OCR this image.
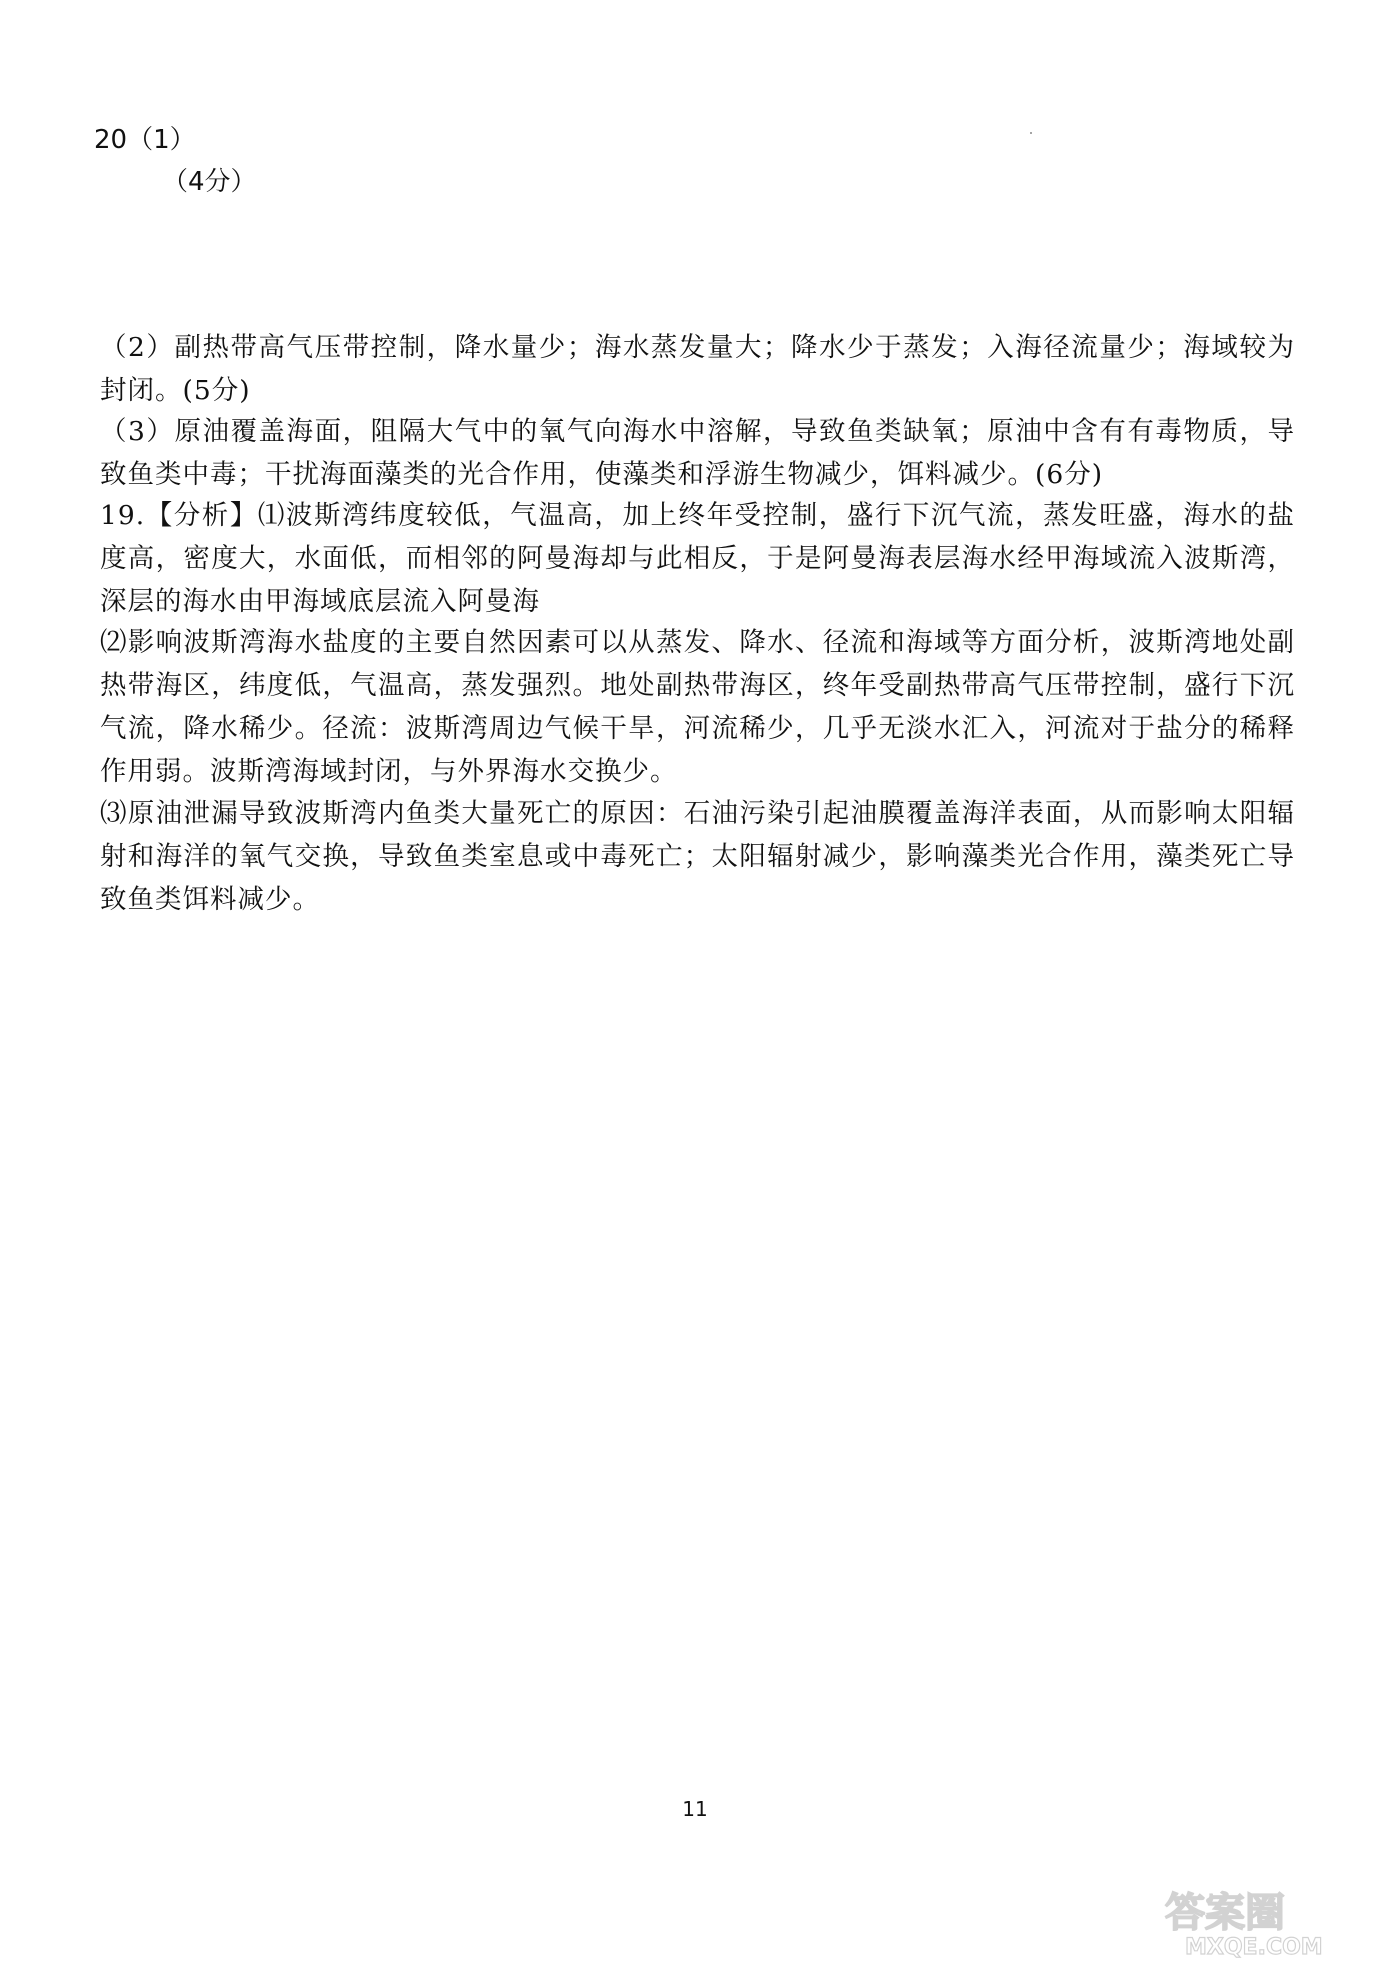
20（1）
（4分）

（2）副热带高气压带控制，降水量少；海水蒸发量大；降水少于蒸发；入海径流量少；海域较为封闭。(5分)

（3）原油覆盖海面，阻隔大气中的氧气向海水中溶解，导致鱼类缺氧；原油中含有有毒物质，导致鱼类中毒；干扰海面藻类的光合作用，使藻类和浮游生物减少，饵料减少。(6分)

19.【分析】⑴波斯湾纬度较低，气温高，加上终年受控制，盛行下沉气流，蒸发旺盛，海水的盐度高，密度大，水面低，而相邻的阿曼海却与此相反，于是阿曼海表层海水经甲海域流入波斯湾，深层的海水由甲海域底层流入阿曼海

⑵影响波斯湾海水盐度的主要自然因素可以从蒸发、降水、径流和海域等方面分析，波斯湾地处副热带海区，纬度低，气温高，蒸发强烈。地处副热带海区，终年受副热带高气压带控制，盛行下沉气流，降水稀少。径流：波斯湾周边气候干旱，河流稀少，几乎无淡水汇入，河流对于盐分的稀释作用弱。波斯湾海域封闭，与外界海水交换少。

⑶原油泄漏导致波斯湾内鱼类大量死亡的原因：石油污染引起油膜覆盖海洋表面，从而影响太阳辐射和海洋的氧气交换，导致鱼类室息或中毒死亡；太阳辐射减少，影响藻类光合作用，藻类死亡导致鱼类饵料减少。

11
答案圈
MXQE.COM
